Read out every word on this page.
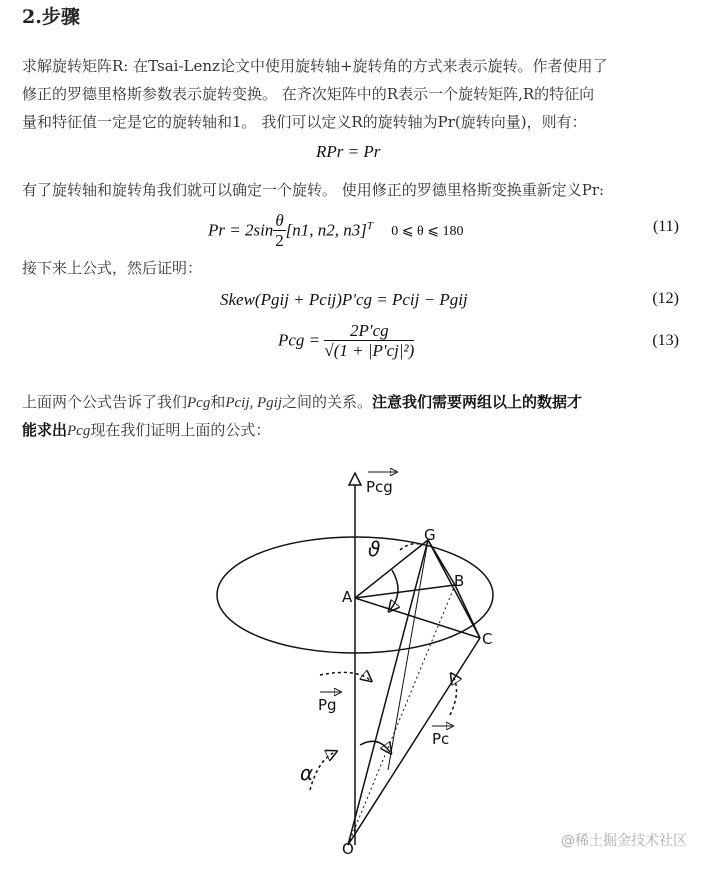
2.步骤
求解旋转矩阵R: 在Tsai-Lenz论文中使用旋转轴+旋转角的方式来表示旋转。作者使用了
修正的罗德里格斯参数表示旋转变换。 在齐次矩阵中的R表示一个旋转矩阵,R的特征向
量和特征值一定是它的旋转轴和1。 我们可以定义R的旋转轴为Pr(旋转向量)，则有：
RPr = Pr
有了旋转轴和旋转角我们就可以确定一个旋转。 使用修正的罗德里格斯变换重新定义Pr:
$Pr = 2\sin \frac{\theta}{2} [n1$, n2, n3]$^T$ 0 ⩽ θ ⩽ 180	(11)
接下来上公式，然后证明：
Skew(Pgij + Pcij)P'cg = Pcij − Pgij	(12)
Pcg = $\frac{2P'cg}{\text{√(1 + |P'cj|²)}}$	(13)
上面两个公式告诉了我们Pcg和Pcij, Pgij之间的关系。注意我们需要两组以上的数据才
能求出Pcg现在我们证明上面的公式：
Pcg
G
ϑ
B
A
C
Pg
Pc
α
O	@稀土掘金技术社区
